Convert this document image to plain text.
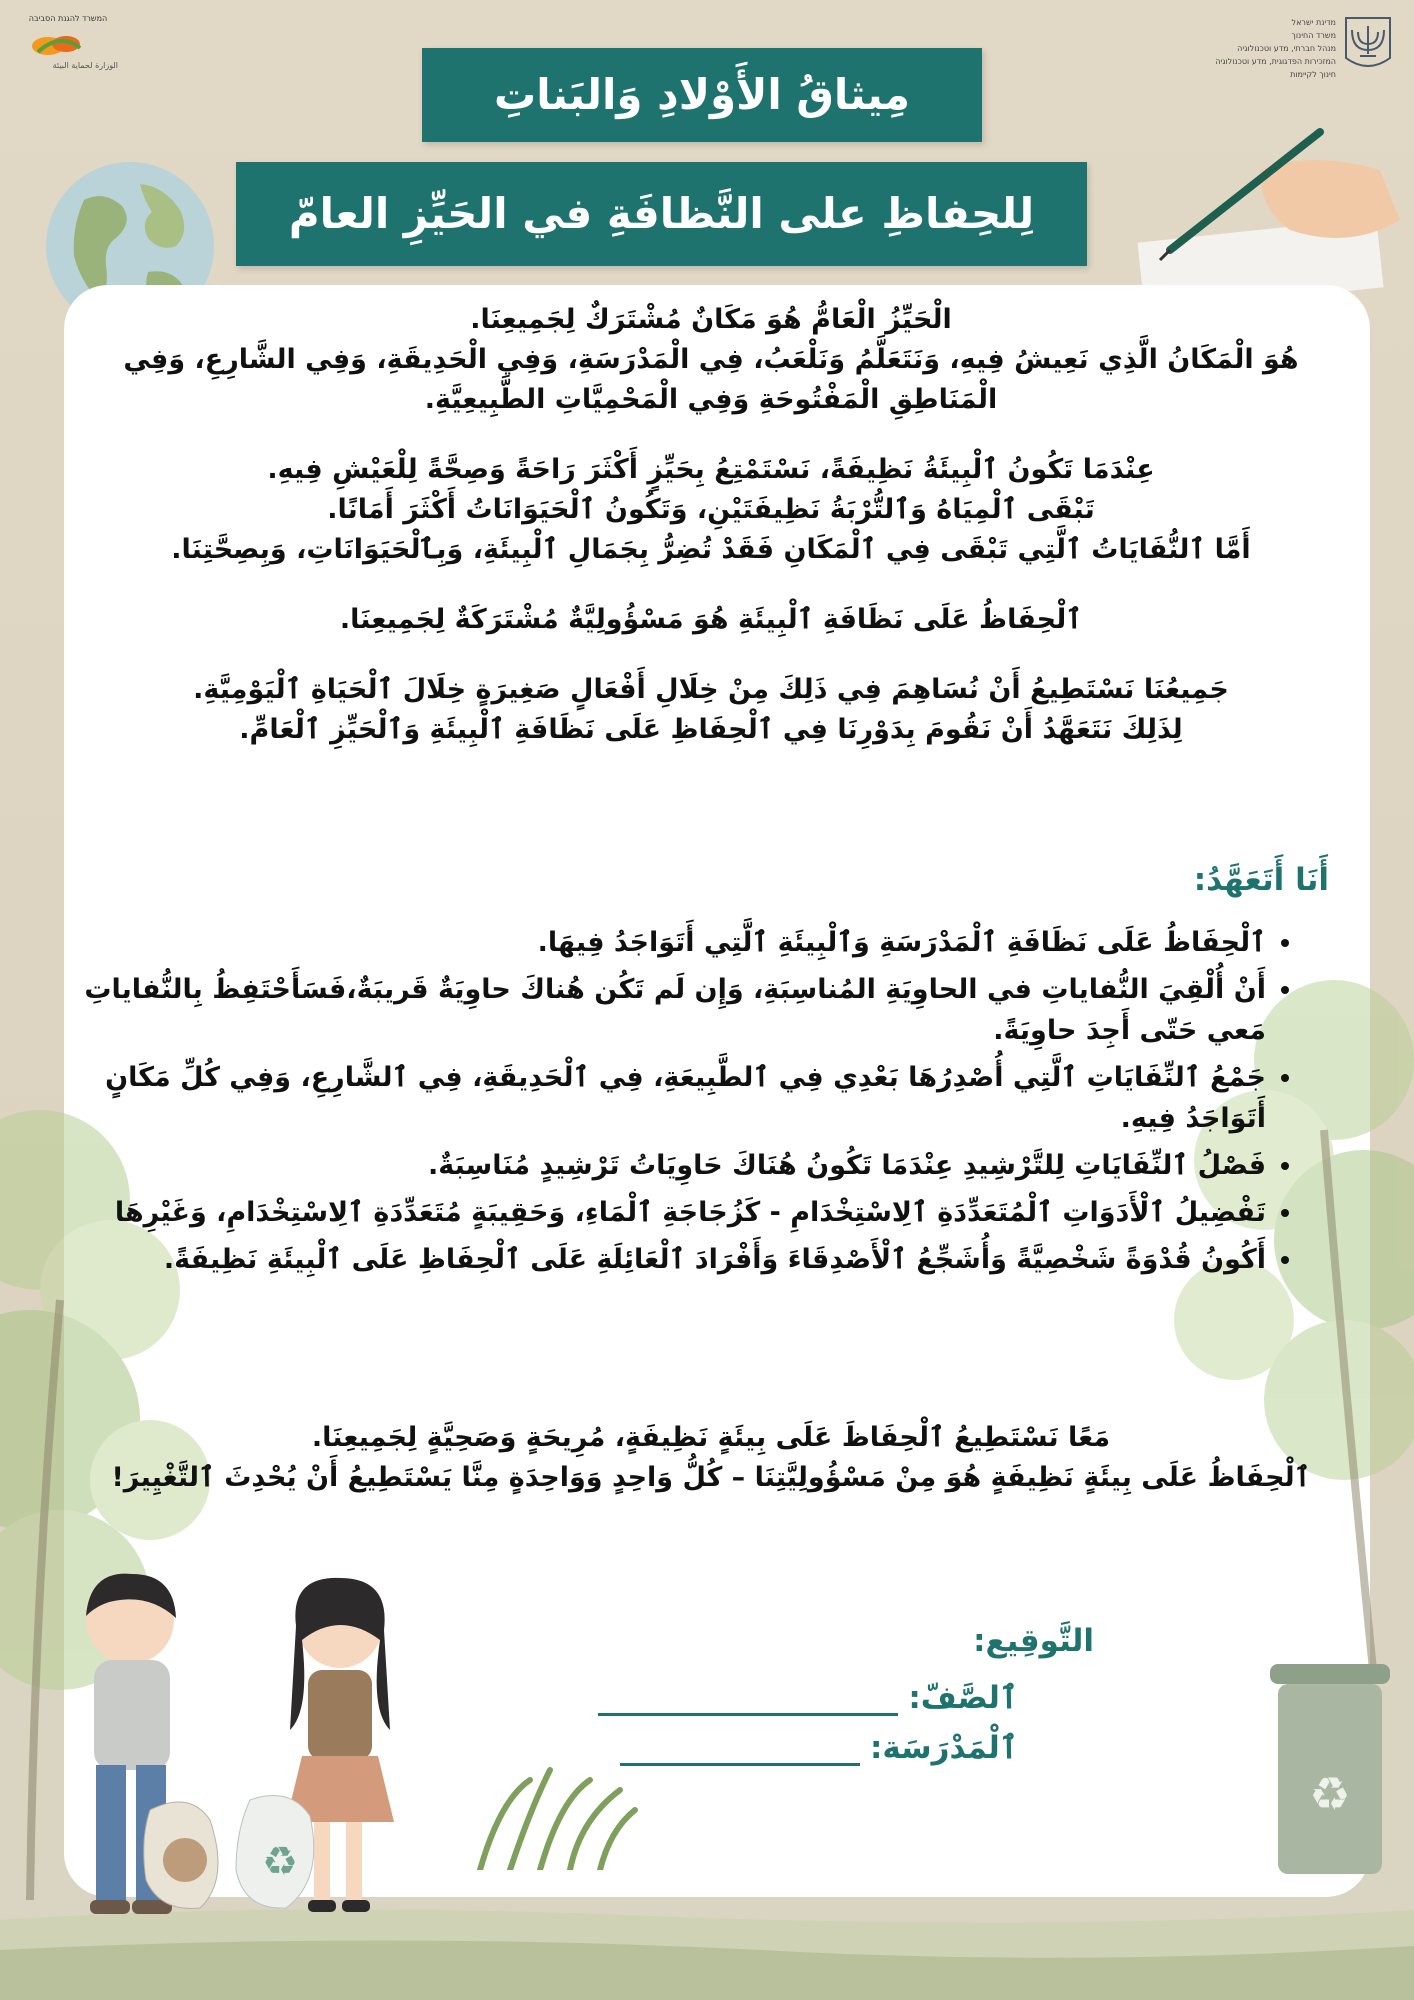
המשרד להגנת הסביבה
الوزارة لحماية البيئة
מדינת ישראל
משרד החינוך
מנהל חברתי, מדע וטכנולוגיה
המזכירות הפדגוגית, מדע וטכנולוגיה
חינוך לקיימות
مِيثاقُ الأَوْلادِ وَالبَناتِ
لِلحِفاظِ على النَّظافَةِ في الحَيِّزِ العامّ
♻
♻

الْحَيِّزُ الْعَامُّ هُوَ مَكَانٌ مُشْتَرَكٌ لِجَمِيعِنَا.

هُوَ الْمَكَانُ الَّذِي نَعِيشُ فِيهِ، وَنَتَعَلَّمُ وَنَلْعَبُ، فِي الْمَدْرَسَةِ، وَفِي الْحَدِيقَةِ، وَفِي الشَّارِعِ، وَفِي الْمَنَاطِقِ الْمَفْتُوحَةِ وَفِي الْمَحْمِيَّاتِ الطَّبِيعِيَّةِ.

عِنْدَمَا تَكُونُ ٱلْبِيئَةُ نَظِيفَةً، نَسْتَمْتِعُ بِحَيِّزٍ أَكْثَرَ رَاحَةً وَصِحَّةً لِلْعَيْشِ فِيهِ.

تَبْقَى ٱلْمِيَاهُ وَٱلتُّرْبَةُ نَظِيفَتَيْنِ، وَتَكُونُ ٱلْحَيَوَانَاتُ أَكْثَرَ أَمَانًا.

أَمَّا ٱلنُّفَايَاتُ ٱلَّتِي تَبْقَى فِي ٱلْمَكَانِ فَقَدْ تُضِرُّ بِجَمَالِ ٱلْبِيئَةِ، وَبِٱلْحَيَوَانَاتِ، وَبِصِحَّتِنَا.

ٱلْحِفَاظُ عَلَى نَظَافَةِ ٱلْبِيئَةِ هُوَ مَسْؤُولِيَّةٌ مُشْتَرَكَةٌ لِجَمِيعِنَا.

جَمِيعُنَا نَسْتَطِيعُ أَنْ نُسَاهِمَ فِي ذَلِكَ مِنْ خِلَالِ أَفْعَالٍ صَغِيرَةٍ خِلَالَ ٱلْحَيَاةِ ٱلْيَوْمِيَّةِ.

لِذَلِكَ نَتَعَهَّدُ أَنْ نَقُومَ بِدَوْرِنَا فِي ٱلْحِفَاظِ عَلَى نَظَافَةِ ٱلْبِيئَةِ وَٱلْحَيِّزِ ٱلْعَامِّ.

أَنَا أَتَعَهَّدُ:
• ٱلْحِفَاظُ عَلَى نَظَافَةِ ٱلْمَدْرَسَةِ وَٱلْبِيئَةِ ٱلَّتِي أَتَوَاجَدُ فِيهَا.
• أَنْ أُلْقِيَ النُّفاياتِ في الحاوِيَةِ المُناسِبَةِ، وَإِن لَم تَكُن هُناكَ حاوِيَةٌ قَريبَةٌ،فَسَأَحْتَفِظُ بِالنُّفاياتِ مَعي حَتّى أَجِدَ حاوِيَةً.
• جَمْعُ ٱلنِّفَايَاتِ ٱلَّتِي أُصْدِرُهَا بَعْدِي فِي ٱلطَّبِيعَةِ، فِي ٱلْحَدِيقَةِ، فِي ٱلشَّارِعِ، وَفِي كُلِّ مَكَانٍ أَتَوَاجَدُ فِيهِ.
• فَصْلُ ٱلنِّفَايَاتِ لِلتَّرْشِيدِ عِنْدَمَا تَكُونُ هُنَاكَ حَاوِيَاتُ تَرْشِيدٍ مُنَاسِبَةٌ.
• تَفْضِيلُ ٱلْأَدَوَاتِ ٱلْمُتَعَدِّدَةِ ٱلِاسْتِخْدَامِ - كَزُجَاجَةِ ٱلْمَاءِ، وَحَقِيبَةٍ مُتَعَدِّدَةِ ٱلِاسْتِخْدَامِ، وَغَيْرِهَا
• أَكُونُ قُدْوَةً شَخْصِيَّةً وَأُشَجِّعُ ٱلْأَصْدِقَاءَ وَأَفْرَادَ ٱلْعَائِلَةِ عَلَى ٱلْحِفَاظِ عَلَى ٱلْبِيئَةِ نَظِيفَةً.
مَعًا نَسْتَطِيعُ ٱلْحِفَاظَ عَلَى بِيئَةٍ نَظِيفَةٍ، مُرِيحَةٍ وَصَحِيَّةٍ لِجَمِيعِنَا.
ٱلْحِفَاظُ عَلَى بِيئَةٍ نَظِيفَةٍ هُوَ مِنْ مَسْؤُولِيَّتِنَا – كُلُّ وَاحِدٍ وَوَاحِدَةٍ مِنَّا يَسْتَطِيعُ أَنْ يُحْدِثَ ٱلتَّغْيِيرَ!
التَّوقِيع:
ٱلصَّفّ:
ٱلْمَدْرَسَة:
